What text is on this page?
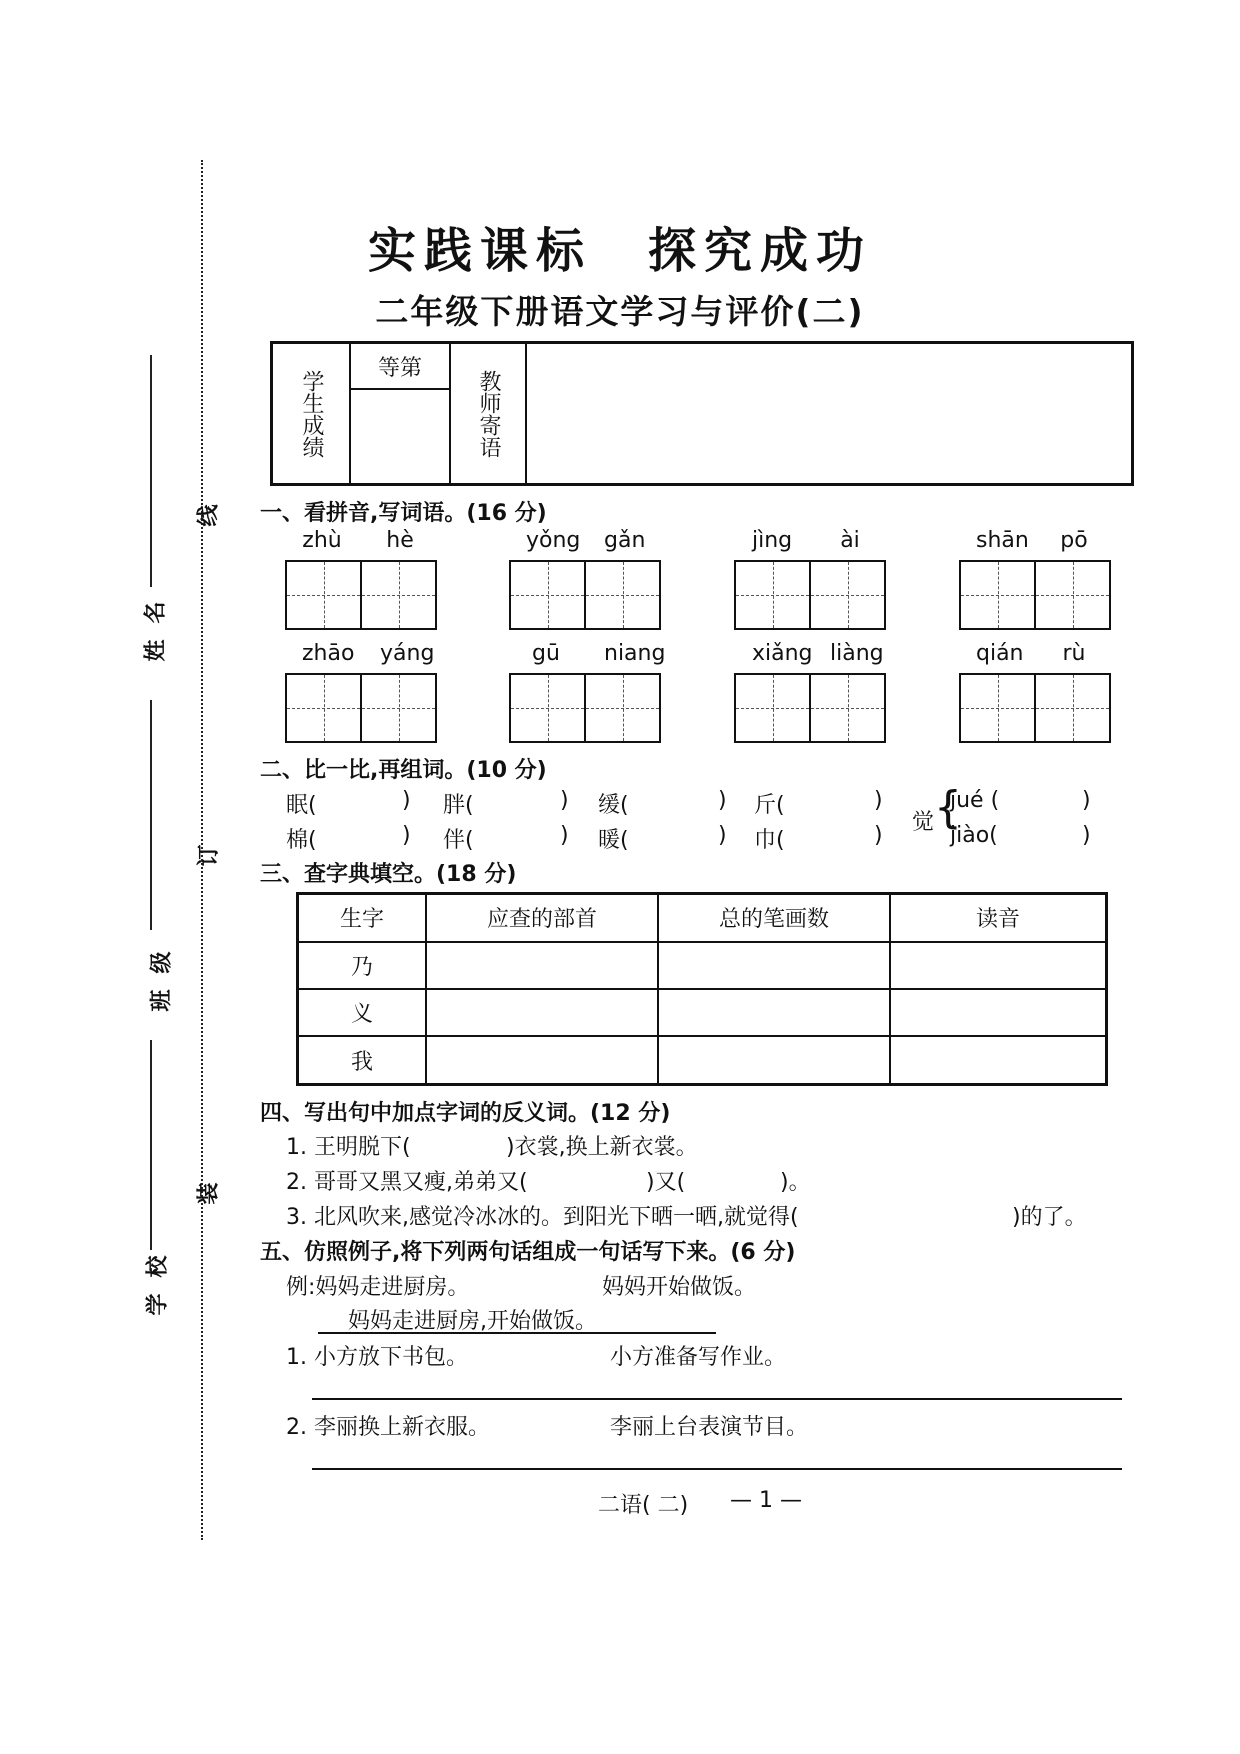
线
订
装
姓名
班级
学校
实践课标　探究成功
二年级下册语文学习与评价(二)
学生成绩
	等第	
教师寄语

一、看拼音,写词语。(16 分)
zhù hè	yǒng gǎn	jìng	ài	shān pō
zhāo yáng	gū niang	xiǎng liàng	qián	rù
二、比一比,再组词。(10 分)
眠(	) 胖(	) 缓(	) 斤(	)
棉(	) 伴(	) 暖(	) 巾(	)
觉 {
jué (	)
jiào(	)
三、查字典填空。(18 分)
生字	应查的部首	总的笔画数	读音
乃			
义			
我			
四、写出句中加点字词的反义词。(12 分)
1. 王明脱下(	)衣裳,换上新衣裳。
2. 哥哥又黑又瘦,弟弟又(	)又(	)。
3. 北风吹来,感觉冷冰冰的。到阳光下晒一晒,就觉得(	)的了。
五、仿照例子,将下列两句话组成一句话写下来。(6 分)
例:妈妈走进厨房。	妈妈开始做饭。
妈妈走进厨房,开始做饭。
1. 小方放下书包。	小方准备写作业。
2. 李丽换上新衣服。	李丽上台表演节目。
二语( 二) — 1 —
